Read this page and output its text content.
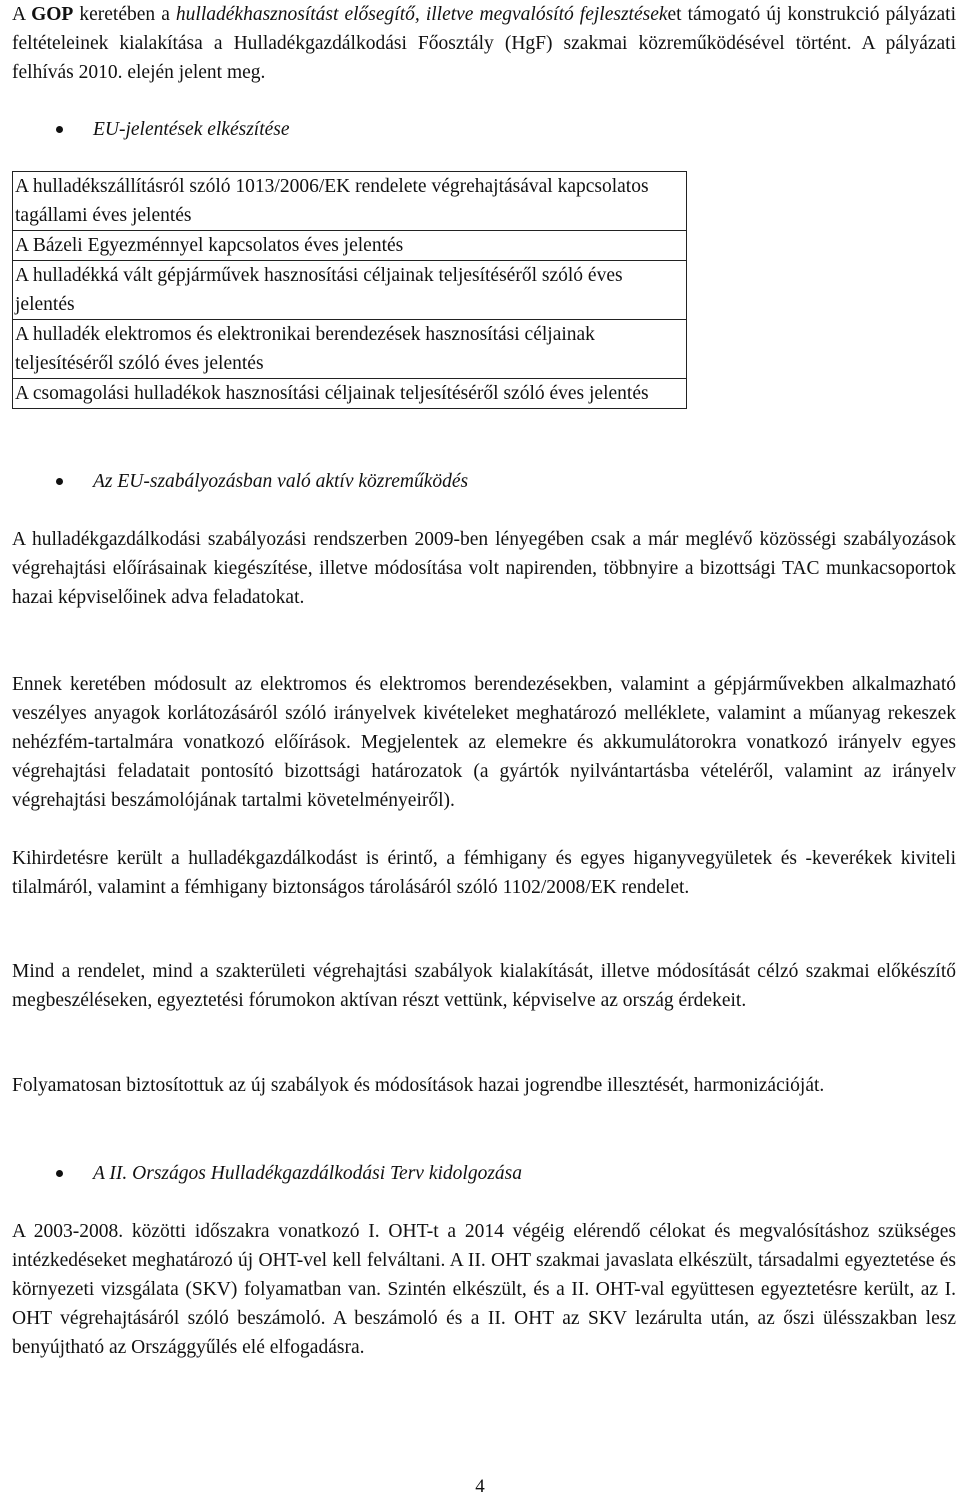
A GOP keretében a hulladékhasznosítást elősegítő, illetve megvalósító fejlesztéseket támogató új konstrukció pályázati feltételeinek kialakítása a Hulladékgazdálkodási Főosztály (HgF) szakmai közreműködésével történt. A pályázati felhívás 2010. elején jelent meg.

EU-jelentések elkészítése
A hulladékszállításról szóló 1013/2006/EK rendelete végrehajtásával kapcsolatos tagállami éves jelentés
A Bázeli Egyezménnyel kapcsolatos éves jelentés
A hulladékká vált gépjárművek hasznosítási céljainak teljesítéséről szóló éves jelentés
A hulladék elektromos és elektronikai berendezések hasznosítási céljainak teljesítéséről szóló éves jelentés
A csomagolási hulladékok hasznosítási céljainak teljesítéséről szóló éves jelentés
Az EU-szabályozásban való aktív közreműködés

A hulladékgazdálkodási szabályozási rendszerben 2009-ben lényegében csak a már meglévő közösségi szabályozások végrehajtási előírásainak kiegészítése, illetve módosítása volt napirenden, többnyire a bizottsági TAC munkacsoportok hazai képviselőinek adva feladatokat.

Ennek keretében módosult az elektromos és elektromos berendezésekben, valamint a gépjárművekben alkalmazható veszélyes anyagok korlátozásáról szóló irányelvek kivételeket meghatározó melléklete, valamint a műanyag rekeszek nehézfém-tartalmára vonatkozó előírások. Megjelentek az elemekre és akkumulátorokra vonatkozó irányelv egyes végrehajtási feladatait pontosító bizottsági határozatok (a gyártók nyilvántartásba vételéről, valamint az irányelv végrehajtási beszámolójának tartalmi követelményeiről).

Kihirdetésre került a hulladékgazdálkodást is érintő, a fémhigany és egyes higanyvegyületek és -keverékek kiviteli tilalmáról, valamint a fémhigany biztonságos tárolásáról szóló 1102/2008/EK rendelet.

Mind a rendelet, mind a szakterületi végrehajtási szabályok kialakítását, illetve módosítását célzó szakmai előkészítő megbeszéléseken, egyeztetési fórumokon aktívan részt vettünk, képviselve az ország érdekeit.

Folyamatosan biztosítottuk az új szabályok és módosítások hazai jogrendbe illesztését, harmonizációját.

A II. Országos Hulladékgazdálkodási Terv kidolgozása

A 2003-2008. közötti időszakra vonatkozó I. OHT-t a 2014 végéig elérendő célokat és megvalósításhoz szükséges intézkedéseket meghatározó új OHT-vel kell felváltani. A II. OHT szakmai javaslata elkészült, társadalmi egyeztetése és környezeti vizsgálata (SKV) folyamatban van. Szintén elkészült, és a II. OHT-val együttesen egyeztetésre került, az I. OHT végrehajtásáról szóló beszámoló. A beszámoló és a II. OHT az SKV lezárulta után, az őszi ülésszakban lesz benyújtható az Országgyűlés elé elfogadásra.

4
